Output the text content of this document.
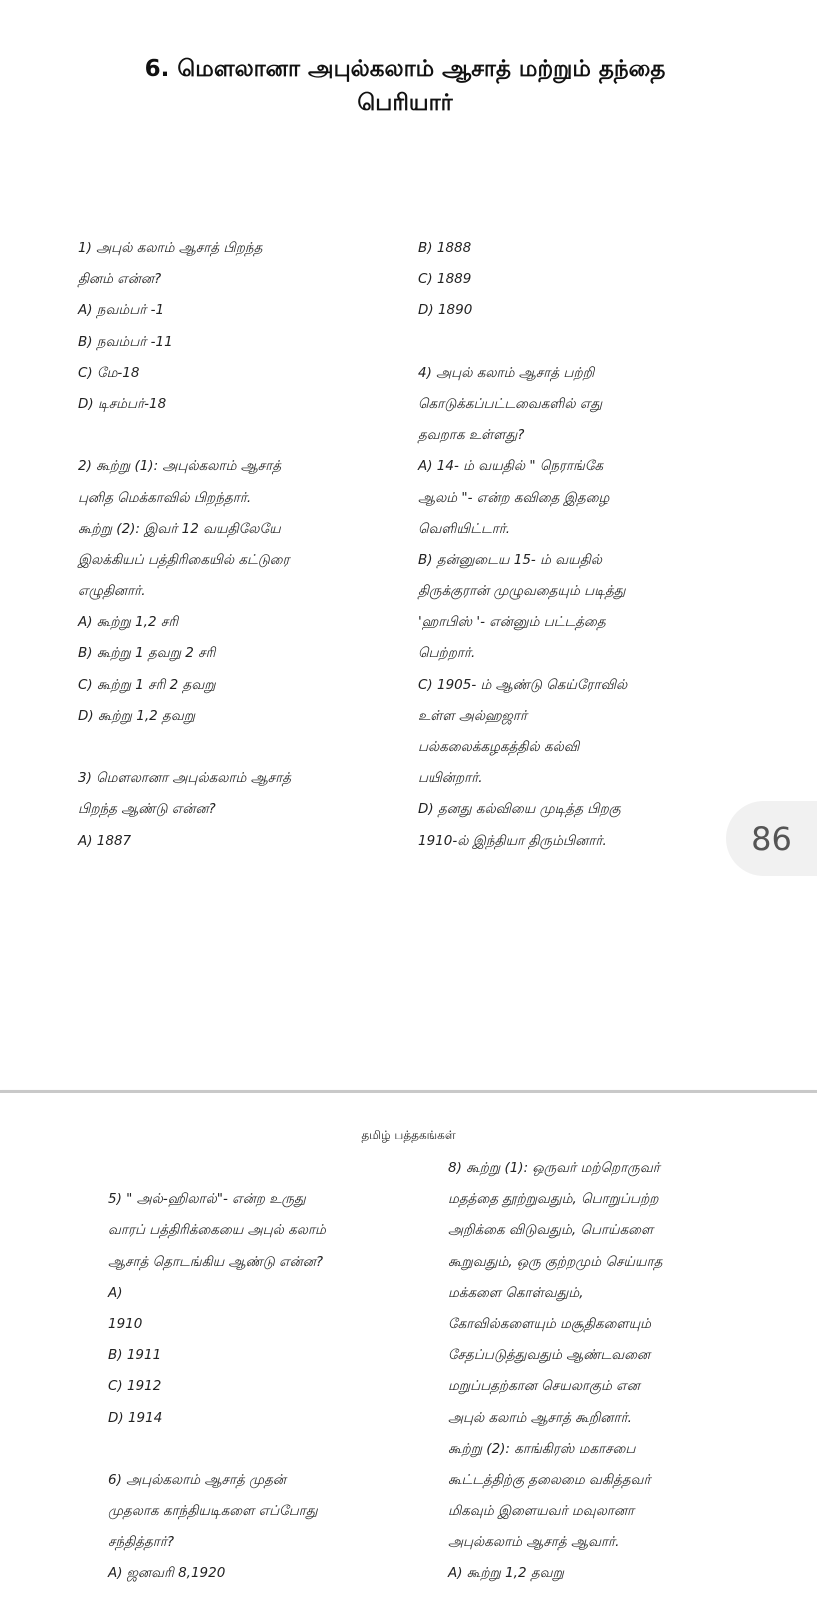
6. மௌலானா அபுல்கலாம் ஆசாத் மற்றும் தந்தை
பெரியார்
1) அபுல் கலாம் ஆசாத் பிறந்த
தினம் என்ன?
A) நவம்பர் -1
B) நவம்பர் -11
C) மே-18
D) டிசம்பர்-18
2) கூற்று (1): அபுல்கலாம் ஆசாத்
புனித மெக்காவில் பிறந்தார்.
கூற்று (2): இவர் 12 வயதிலேயே
இலக்கியப் பத்திரிகையில் கட்டுரை
எழுதினார்.
A) கூற்று 1,2 சரி
B) கூற்று 1 தவறு 2 சரி
C) கூற்று 1 சரி 2 தவறு
D) கூற்று 1,2 தவறு
3) மௌலானா அபுல்கலாம் ஆசாத்
பிறந்த ஆண்டு என்ன?
A) 1887
B) 1888
C) 1889
D) 1890
4) அபுல் கலாம் ஆசாத் பற்றி
கொடுக்கப்பட்டவைகளில் எது
தவறாக உள்ளது?
A) 14- ம் வயதில் " நெராங்கே
ஆலம் "- என்ற கவிதை இதழை
வெளியிட்டார்.
B) தன்னுடைய 15- ம் வயதில்
திருக்குரான் முழுவதையும் படித்து
'ஹாபிஸ் '- என்னும் பட்டத்தை
பெற்றார்.
C) 1905- ம் ஆண்டு கெய்ரோவில்
உள்ள அல்ஹஜார்
பல்கலைக்கழகத்தில் கல்வி
பயின்றார்.
D) தனது கல்வியை முடித்த பிறகு
1910-ல் இந்தியா திரும்பினார்.	86
தமிழ் பத்தகங்கள்
5) " அல்-ஹிலால்"- என்ற உருது
வாரப் பத்திரிக்கையை அபுல் கலாம்
ஆசாத் தொடங்கிய ஆண்டு என்ன?
A)
1910
B) 1911
C) 1912
D) 1914
6) அபுல்கலாம் ஆசாத் முதன்
முதலாக காந்தியடிகளை எப்போது
சந்தித்தார்?
A) ஜனவரி 8,1920
8) கூற்று (1): ஒருவர் மற்றொருவர்
மதத்தை தூற்றுவதும், பொறுப்பற்ற
அறிக்கை விடுவதும், பொய்களை
கூறுவதும், ஒரு குற்றமும் செய்யாத
மக்களை கொள்வதும்,
கோவில்களையும் மசூதிகளையும்
சேதப்படுத்துவதும் ஆண்டவனை
மறுப்பதற்கான செயலாகும் என
அபுல் கலாம் ஆசாத் கூறினார்.
கூற்று (2): காங்கிரஸ் மகாசபை
கூட்டத்திற்கு தலைமை வகித்தவர்
மிகவும் இளையவர் மவுலானா
அபுல்கலாம் ஆசாத் ஆவார்.
A) கூற்று 1,2 தவறு
